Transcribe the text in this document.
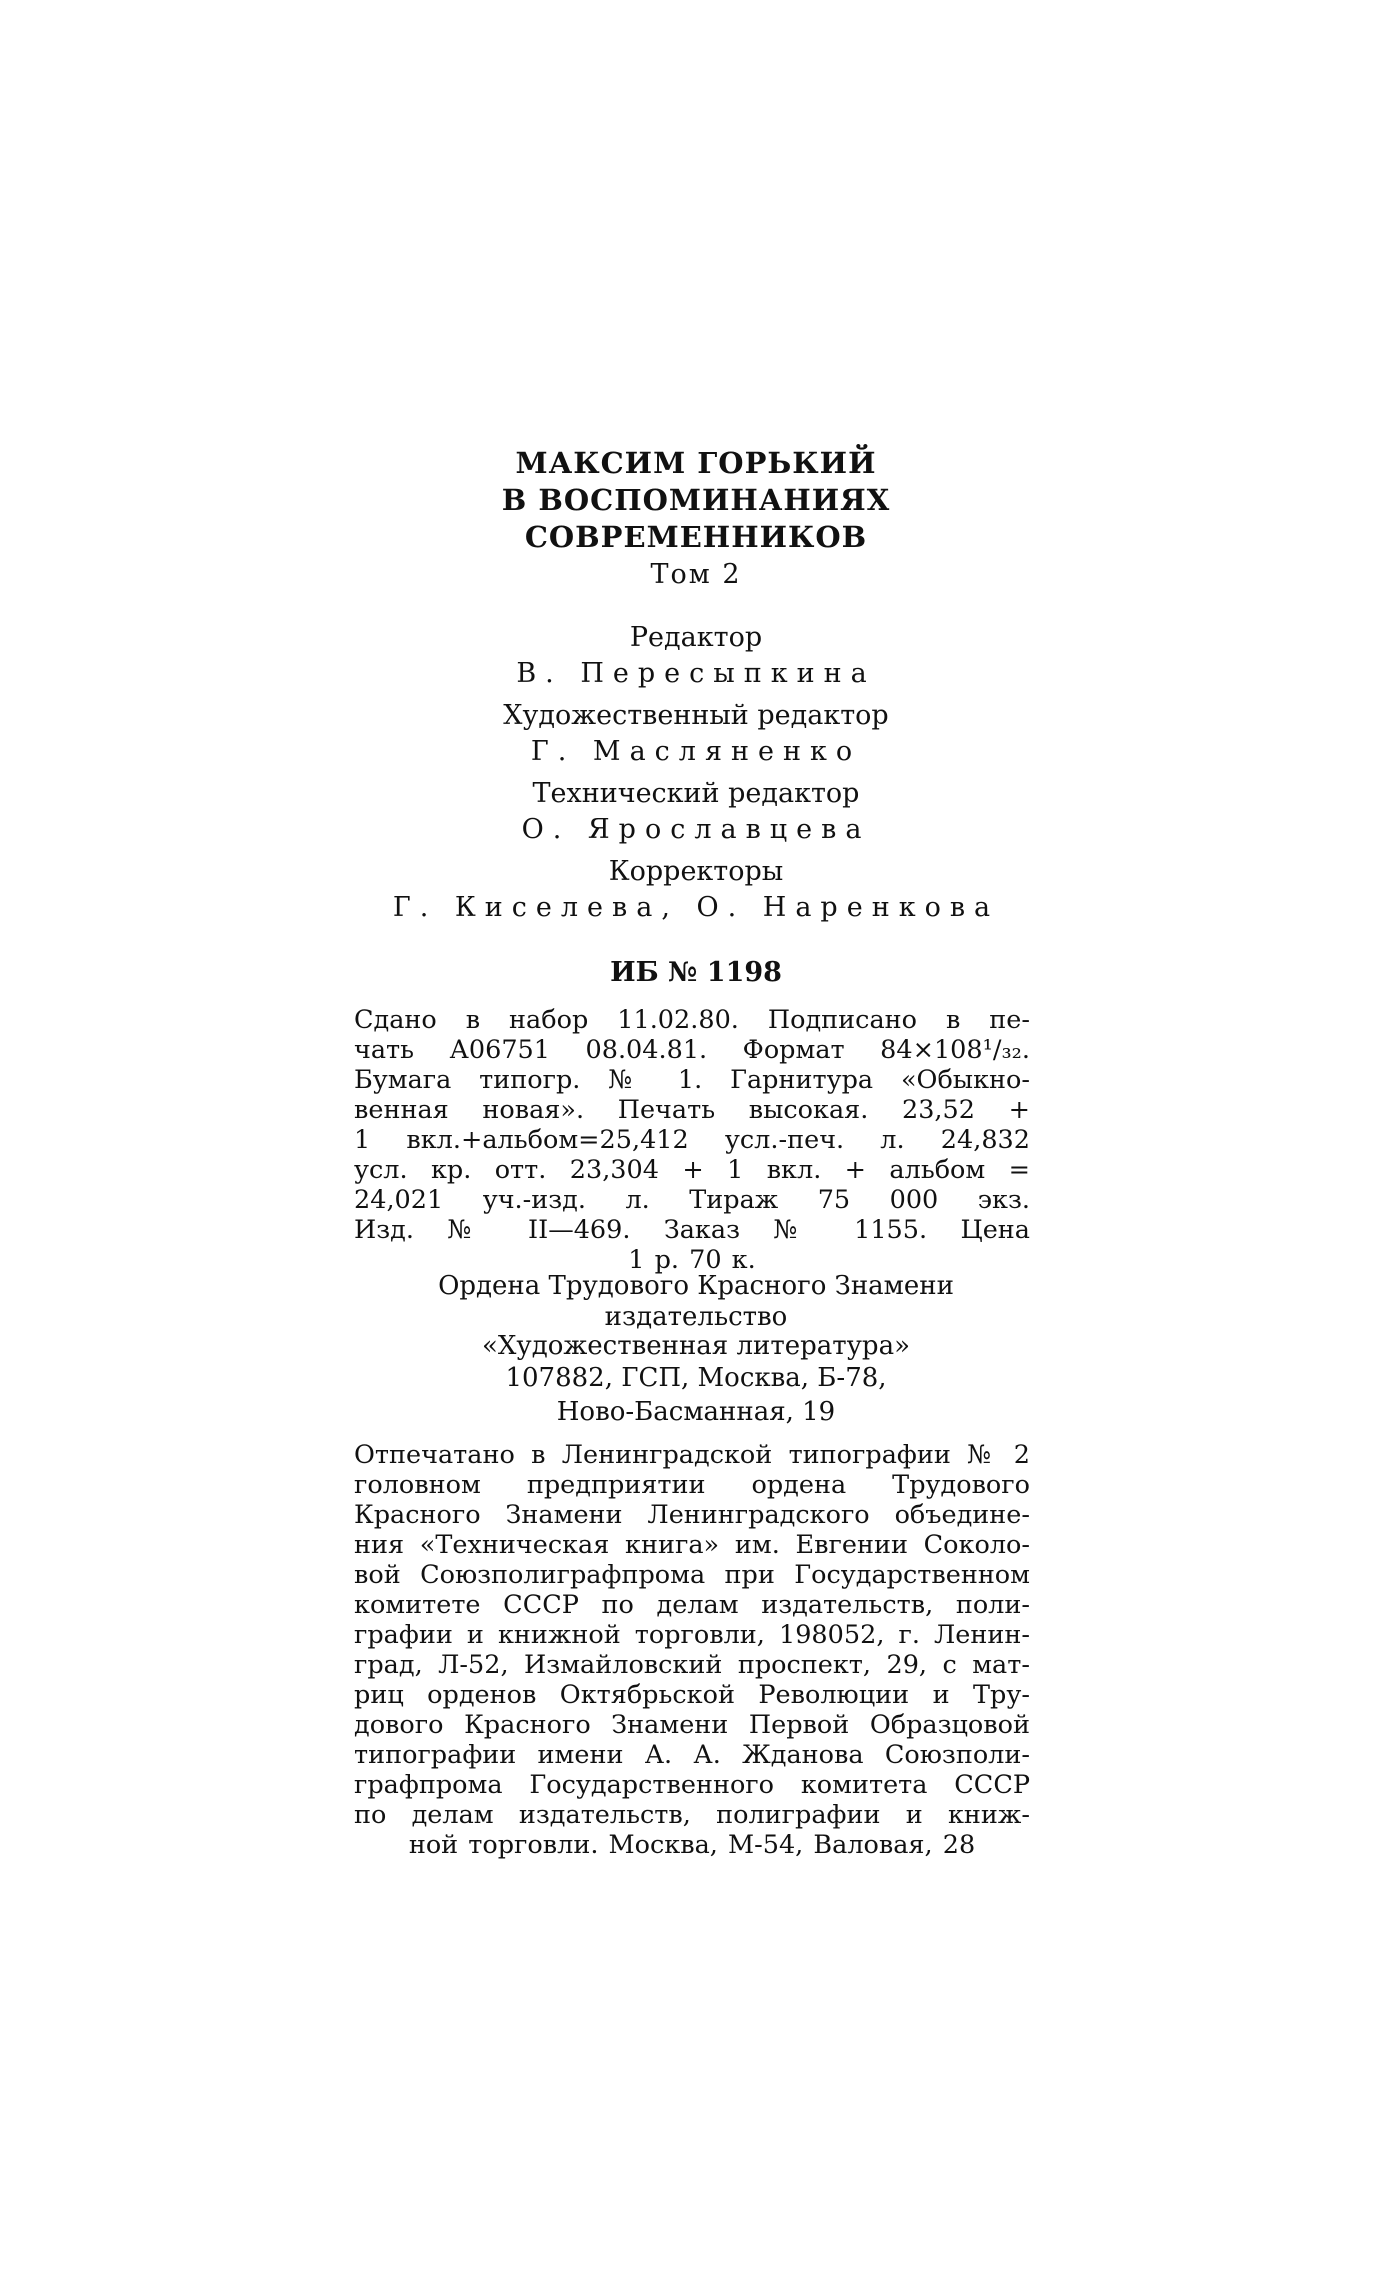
МАКСИМ ГОРЬКИЙ
В ВОСПОМИНАНИЯХ
СОВРЕМЕННИКОВ
Том 2
Редактор
В. Пересыпкина
Художественный редактор
Г. Масляненко
Технический редактор
О. Ярославцева
Корректоры
Г. Киселева, О. Наренкова
ИБ № 1198
Сдано в набор 11.02.80. Подписано в пе-
чать А06751 08.04.81. Формат 84×108¹/₃₂.
Бумага типогр. № 1. Гарнитура «Обыкно-
венная новая». Печать высокая. 23,52 +
1 вкл.+альбом=25,412 усл.-печ. л. 24,832
усл. кр. отт. 23,304 + 1 вкл. + альбом =
24,021 уч.-изд. л. Тираж 75 000 экз.
Изд. № II—469. Заказ № 1155. Цена
1 р. 70 к.
Ордена Трудового Красного Знамени
издательство
«Художественная литература»
107882, ГСП, Москва, Б-78,
Ново-Басманная, 19
Отпечатано в Ленинградской типографии № 2
головном предприятии ордена Трудового
Красного Знамени Ленинградского объедине-
ния «Техническая книга» им. Евгении Соколо-
вой Союзполиграфпрома при Государственном
комитете СССР по делам издательств, поли-
графии и книжной торговли, 198052, г. Ленин-
град, Л-52, Измайловский проспект, 29, с мат-
риц орденов Октябрьской Революции и Тру-
дового Красного Знамени Первой Образцовой
типографии имени А. А. Жданова Союзполи-
графпрома Государственного комитета СССР
по делам издательств, полиграфии и книж-
ной торговли. Москва, М-54, Валовая, 28
